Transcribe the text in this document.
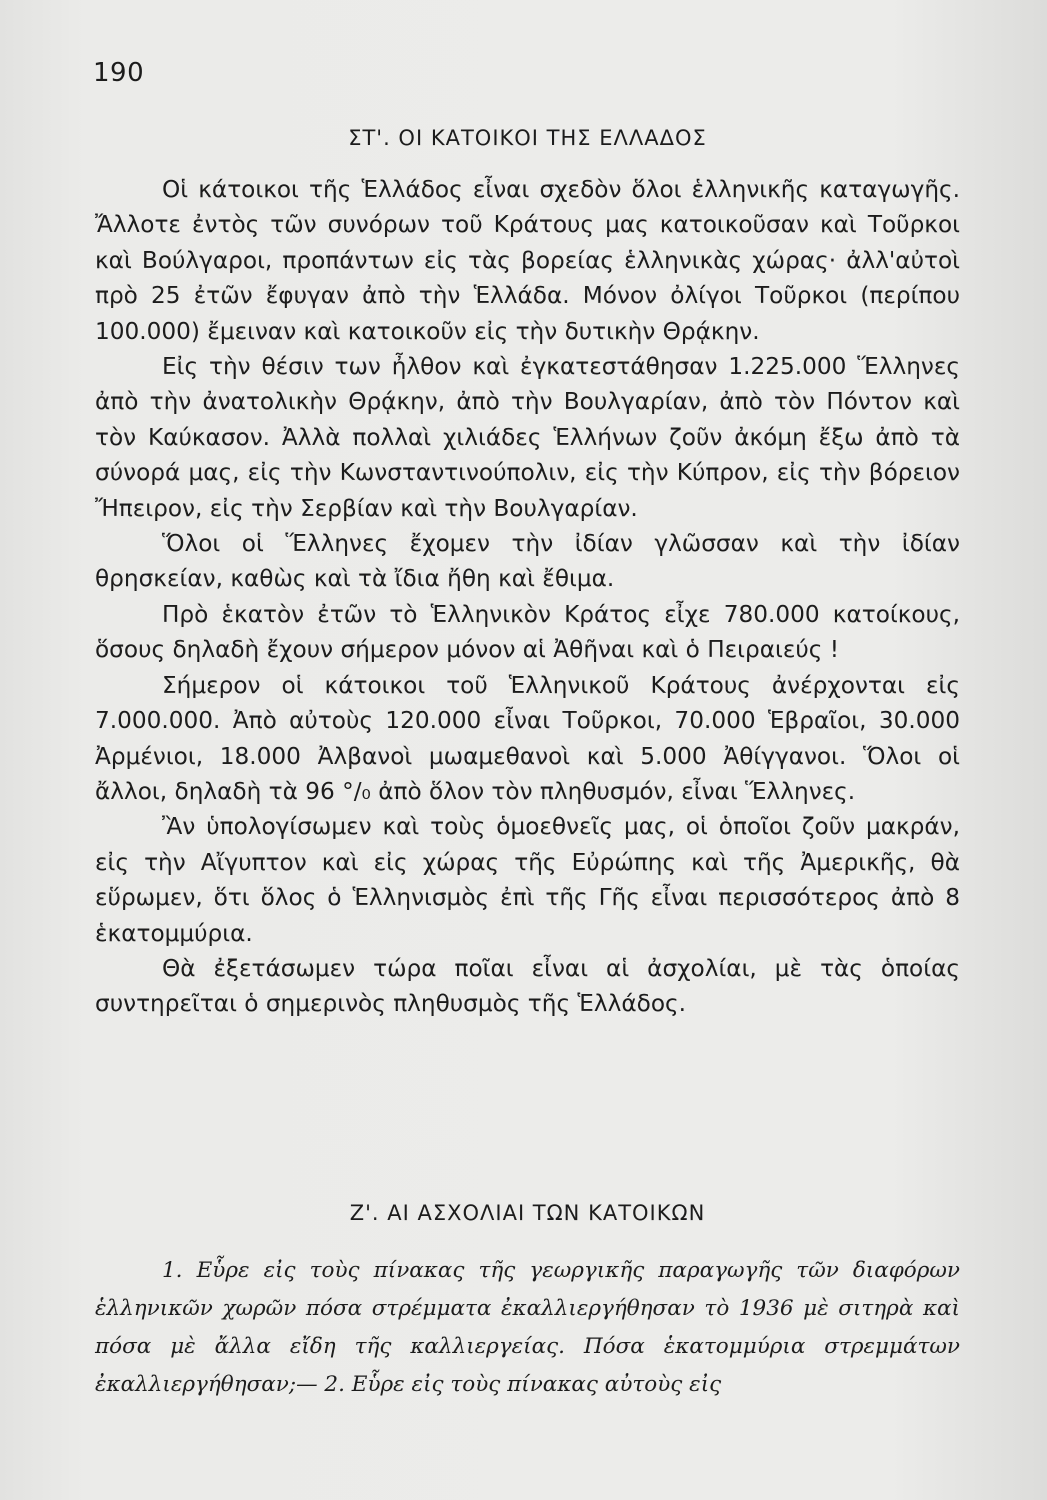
190
ΣΤ'. ΟΙ ΚΑΤΟΙΚΟΙ ΤΗΣ ΕΛΛΑΔΟΣ

Οἱ κάτοικοι τῆς Ἑλλάδος εἶναι σχεδὸν ὅλοι ἑλληνικῆς καταγωγῆς. Ἄλλοτε ἐντὸς τῶν συνόρων τοῦ Κράτους μας κατοικοῦσαν καὶ Τοῦρκοι καὶ Βούλγαροι, προπάντων εἰς τὰς βορείας ἑλληνικὰς χώρας· ἀλλ'αὐτοὶ πρὸ 25 ἐτῶν ἔφυγαν ἀπὸ τὴν Ἑλλάδα. Μόνον ὀλίγοι Τοῦρκοι (περίπου 100.000) ἔμειναν καὶ κατοικοῦν εἰς τὴν δυτικὴν Θρᾴκην.

Εἰς τὴν θέσιν των ἦλθον καὶ ἐγκατεστάθησαν 1.225.000 Ἕλληνες ἀπὸ τὴν ἀνατολικὴν Θρᾴκην, ἀπὸ τὴν Βουλγαρίαν, ἀπὸ τὸν Πόντον καὶ τὸν Καύκασον. Ἀλλὰ πολλαὶ χιλιάδες Ἑλλήνων ζοῦν ἀκόμη ἔξω ἀπὸ τὰ σύνορά μας, εἰς τὴν Κωνσταντινούπολιν, εἰς τὴν Κύπρον, εἰς τὴν βόρειον Ἤπειρον, εἰς τὴν Σερβίαν καὶ τὴν Βουλγαρίαν.

Ὅλοι οἱ Ἕλληνες ἔχομεν τὴν ἰδίαν γλῶσσαν καὶ τὴν ἰδίαν θρησκείαν, καθὼς καὶ τὰ ἴδια ἤθη καὶ ἔθιμα.

Πρὸ ἑκατὸν ἐτῶν τὸ Ἑλληνικὸν Κράτος εἶχε 780.000 κατοίκους, ὅσους δηλαδὴ ἔχουν σήμερον μόνον αἱ Ἀθῆναι καὶ ὁ Πειραιεύς !

Σήμερον οἱ κάτοικοι τοῦ Ἑλληνικοῦ Κράτους ἀνέρχονται εἰς 7.000.000. Ἀπὸ αὐτοὺς 120.000 εἶναι Τοῦρκοι, 70.000 Ἑβραῖοι, 30.000 Ἀρμένιοι, 18.000 Ἀλβανοὶ μωαμεθανοὶ καὶ 5.000 Ἀθίγγανοι. Ὅλοι οἱ ἄλλοι, δηλαδὴ τὰ 96 °/₀ ἀπὸ ὅλον τὸν πληθυσμόν, εἶναι Ἕλληνες.

Ἂν ὑπολογίσωμεν καὶ τοὺς ὁμοεθνεῖς μας, οἱ ὁποῖοι ζοῦν μακράν, εἰς τὴν Αἴγυπτον καὶ εἰς χώρας τῆς Εὐρώπης καὶ τῆς Ἀμερικῆς, θὰ εὕρωμεν, ὅτι ὅλος ὁ Ἑλληνισμὸς ἐπὶ τῆς Γῆς εἶναι περισσότερος ἀπὸ 8 ἑκατομμύρια.

Θὰ ἐξετάσωμεν τώρα ποῖαι εἶναι αἱ ἀσχολίαι, μὲ τὰς ὁποίας συντηρεῖται ὁ σημερινὸς πληθυσμὸς τῆς Ἑλλάδος.

Ζ'. ΑΙ ΑΣΧΟΛΙΑΙ ΤΩΝ ΚΑΤΟΙΚΩΝ

1. Εὗρε εἰς τοὺς πίνακας τῆς γεωργικῆς παραγωγῆς τῶν διαφόρων ἑλληνικῶν χωρῶν πόσα στρέμματα ἐκαλλιεργήθησαν τὸ 1936 μὲ σιτηρὰ καὶ πόσα μὲ ἄλλα εἴδη τῆς καλλιεργείας. Πόσα ἑκατομμύρια στρεμμάτων ἐκαλλιεργήθησαν;— 2. Εὗρε εἰς τοὺς πίνακας αὐτοὺς εἰς
